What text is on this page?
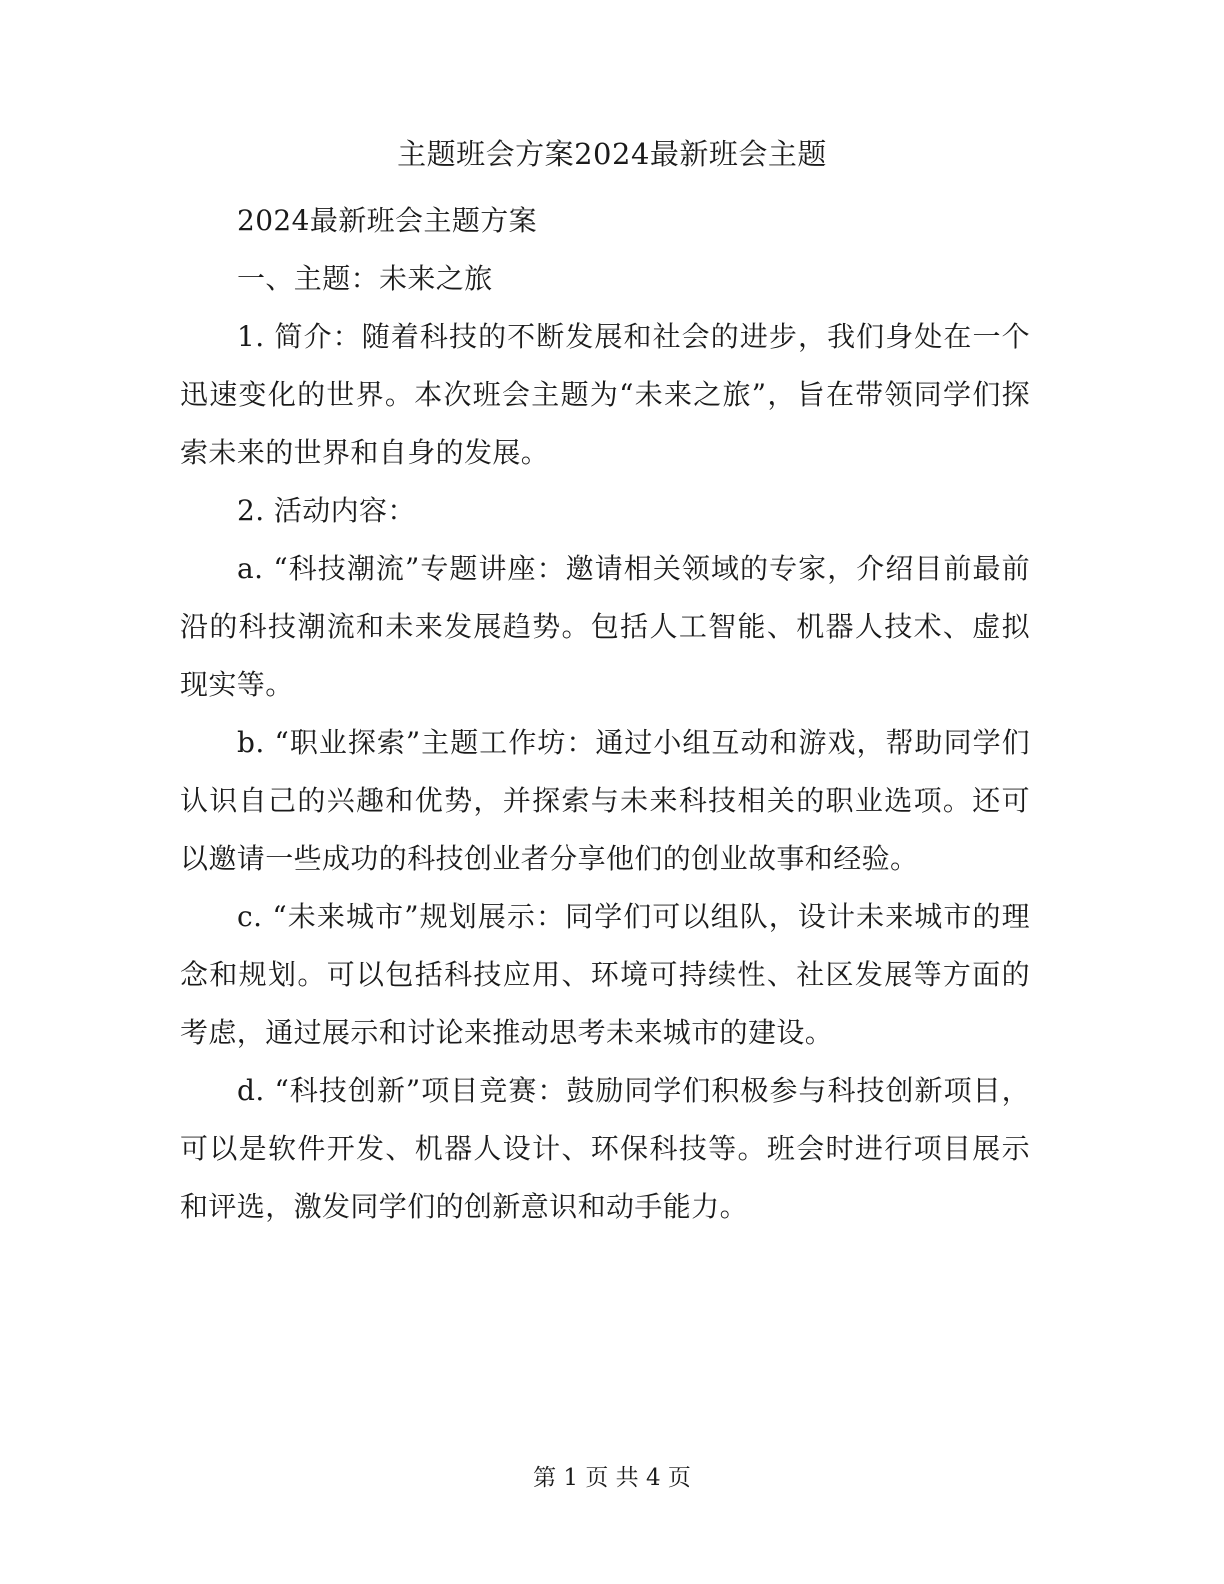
主题班会方案2024最新班会主题

2024最新班会主题方案

一、主题：未来之旅

1. 简介：随着科技的不断发展和社会的进步，我们身处在一个迅速变化的世界。本次班会主题为“未来之旅”，旨在带领同学们探索未来的世界和自身的发展。

2. 活动内容：

a. “科技潮流”专题讲座：邀请相关领域的专家，介绍目前最前沿的科技潮流和未来发展趋势。包括人工智能、机器人技术、虚拟现实等。

b. “职业探索”主题工作坊：通过小组互动和游戏，帮助同学们认识自己的兴趣和优势，并探索与未来科技相关的职业选项。还可以邀请一些成功的科技创业者分享他们的创业故事和经验。

c. “未来城市”规划展示：同学们可以组队，设计未来城市的理念和规划。可以包括科技应用、环境可持续性、社区发展等方面的考虑，通过展示和讨论来推动思考未来城市的建设。

d. “科技创新”项目竞赛：鼓励同学们积极参与科技创新项目，可以是软件开发、机器人设计、环保科技等。班会时进行项目展示和评选，激发同学们的创新意识和动手能力。

第 1 页 共 4 页
